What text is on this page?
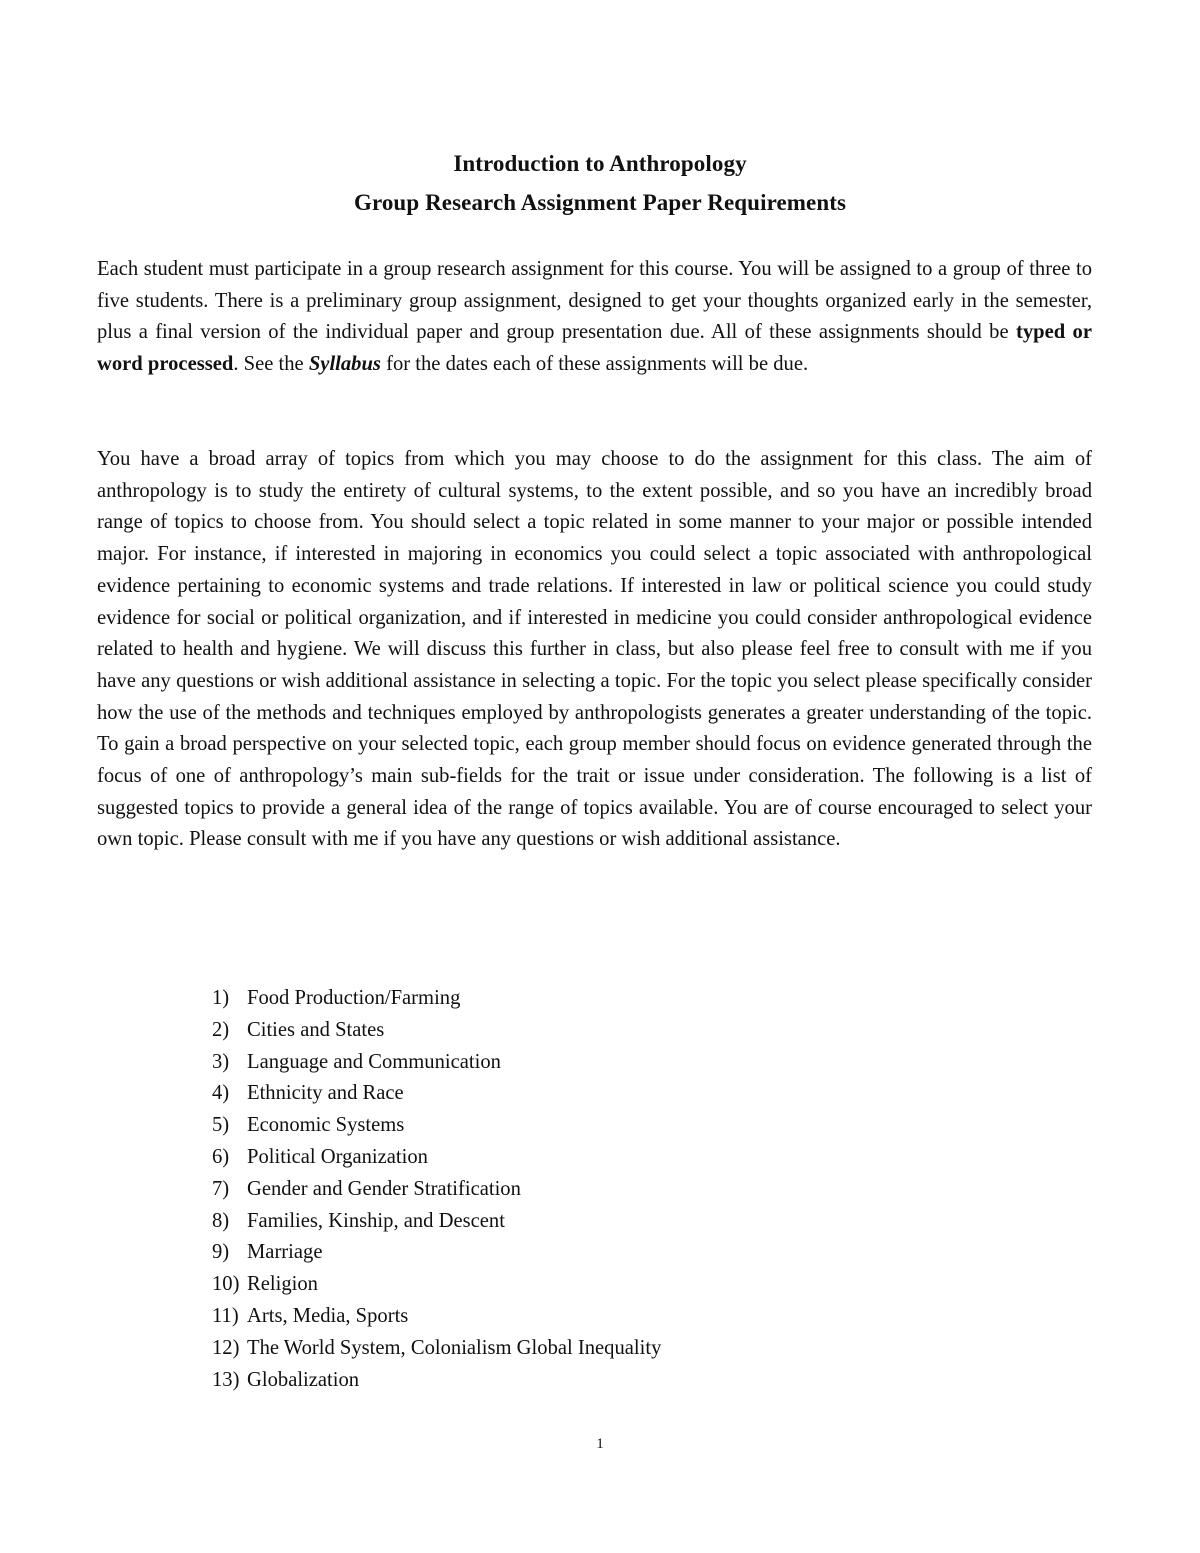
Introduction to Anthropology
Group Research Assignment Paper Requirements

Each student must participate in a group research assignment for this course. You will be assigned to a group of three to five students. There is a preliminary group assignment, designed to get your thoughts organized early in the semester, plus a final version of the individual paper and group presentation due. All of these assignments should be typed or word processed. See the Syllabus for the dates each of these assignments will be due.

You have a broad array of topics from which you may choose to do the assignment for this class. The aim of anthropology is to study the entirety of cultural systems, to the extent possible, and so you have an incredibly broad range of topics to choose from. You should select a topic related in some manner to your major or possible intended major. For instance, if interested in majoring in economics you could select a topic associated with anthropological evidence pertaining to economic systems and trade relations. If interested in law or political science you could study evidence for social or political organization, and if interested in medicine you could consider anthropological evidence related to health and hygiene. We will discuss this further in class, but also please feel free to consult with me if you have any questions or wish additional assistance in selecting a topic. For the topic you select please specifically consider how the use of the methods and techniques employed by anthropologists generates a greater understanding of the topic. To gain a broad perspective on your selected topic, each group member should focus on evidence generated through the focus of one of anthropology’s main sub-fields for the trait or issue under consideration. The following is a list of suggested topics to provide a general idea of the range of topics available. You are of course encouraged to select your own topic. Please consult with me if you have any questions or wish additional assistance.

1) Food Production/Farming
2) Cities and States
3) Language and Communication
4) Ethnicity and Race
5) Economic Systems
6) Political Organization
7) Gender and Gender Stratification
8) Families, Kinship, and Descent
9) Marriage
10) Religion
11) Arts, Media, Sports
12) The World System, Colonialism Global Inequality
13) Globalization
1
